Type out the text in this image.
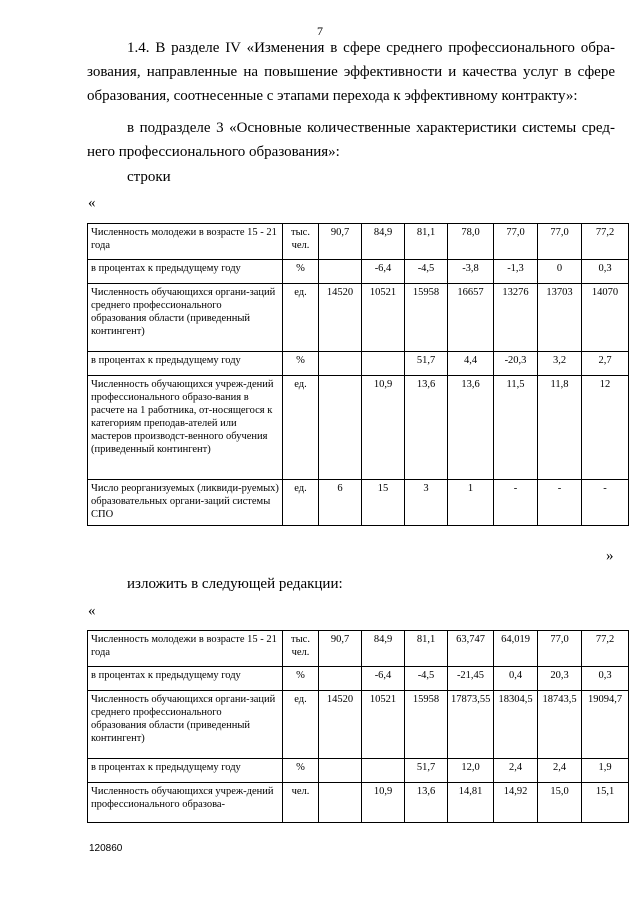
7
1.4. В разделе IV «Изменения в сфере среднего профессионального обра-
зования, направленные на повышение эффективности и качества услуг в сфере
образования, соотнесенные с этапами перехода к эффективному контракту»:
в подразделе 3 «Основные количественные характеристики системы сред-
него профессионального образования»:
строки
«
Численность молодежи в возрасте 15 - 21 года	тыс. чел.	90,7	84,9	81,1	78,0	77,0	77,0	77,2
в процентах к предыдущему году	%		-6,4	-4,5	-3,8	-1,3	0	0,3
Численность обучающихся органи-заций среднего профессионального образования области (приведенный контингент)	ед.	14520	10521	15958	16657	13276	13703	14070
в процентах к предыдущему году	%			51,7	4,4	-20,3	3,2	2,7
Численность обучающихся учреж-дений профессионального образо-вания в расчете на 1 работника, от-носящегося к категориям преподав-ателей или мастеров производст-венного обучения (приведенный контингент)	ед.		10,9	13,6	13,6	11,5	11,8	12
Число реорганизуемых (ликвиди-руемых) образовательных органи-заций системы СПО	ед.	6	15	3	1	-	-	-
»
изложить в следующей редакции:
«
Численность молодежи в возрасте 15 - 21 года	тыс. чел.	90,7	84,9	81,1	63,747	64,019	77,0	77,2
в процентах к предыдущему году	%		-6,4	-4,5	-21,45	0,4	20,3	0,3
Численность обучающихся органи-заций среднего профессионального образования области (приведенный контингент)	ед.	14520	10521	15958	17873,55	18304,5	18743,5	19094,7
в процентах к предыдущему году	%			51,7	12,0	2,4	2,4	1,9
Численность обучающихся учреж-дений профессионального образова-	чел.		10,9	13,6	14,81	14,92	15,0	15,1
120860
